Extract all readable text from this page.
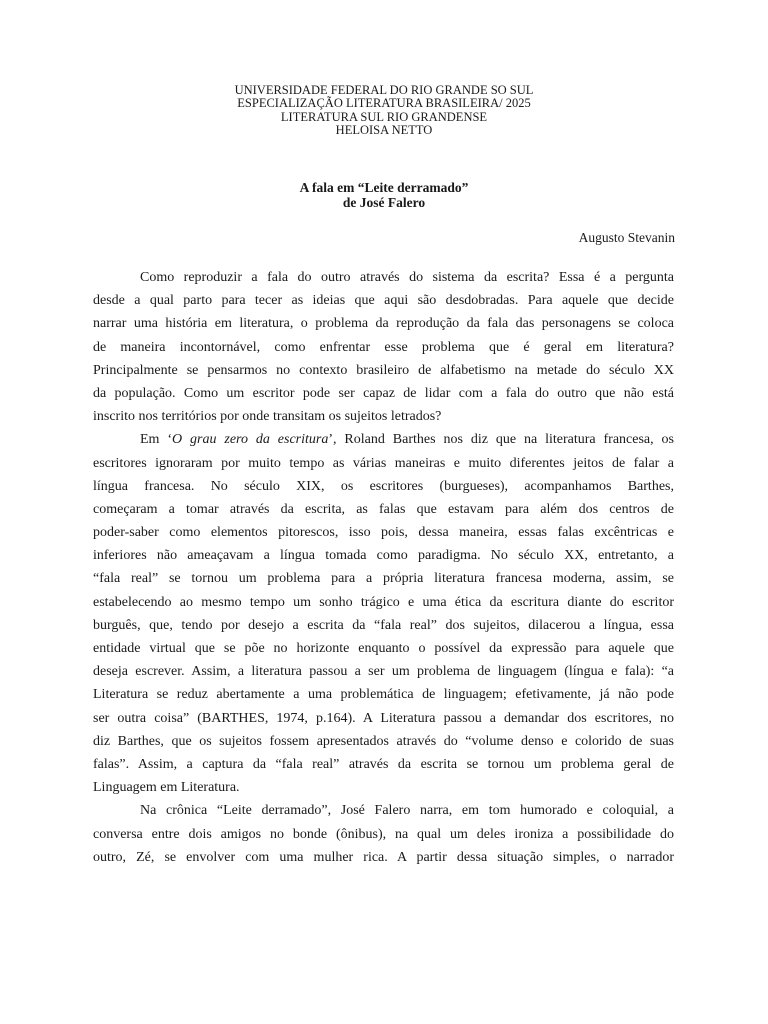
UNIVERSIDADE FEDERAL DO RIO GRANDE SO SUL
ESPECIALIZAÇÃO LITERATURA BRASILEIRA/ 2025
LITERATURA SUL RIO GRANDENSE
HELOISA NETTO
A fala em “Leite derramado”
de José Falero
Augusto Stevanin
Como reproduzir a fala do outro através do sistema da escrita? Essa é a pergunta
desde a qual parto para tecer as ideias que aqui são desdobradas. Para aquele que decide
narrar uma história em literatura, o problema da reprodução da fala das personagens se coloca
de maneira incontornável, como enfrentar esse problema que é geral em literatura?
Principalmente se pensarmos no contexto brasileiro de alfabetismo na metade do século XX
da população. Como um escritor pode ser capaz de lidar com a fala do outro que não está
inscrito nos territórios por onde transitam os sujeitos letrados?
Em ‘O grau zero da escritura’, Roland Barthes nos diz que na literatura francesa, os
escritores ignoraram por muito tempo as várias maneiras e muito diferentes jeitos de falar a
língua francesa. No século XIX, os escritores (burgueses), acompanhamos Barthes,
começaram a tomar através da escrita, as falas que estavam para além dos centros de
poder-saber como elementos pitorescos, isso pois, dessa maneira, essas falas excêntricas e
inferiores não ameaçavam a língua tomada como paradigma. No século XX, entretanto, a
“fala real” se tornou um problema para a própria literatura francesa moderna, assim, se
estabelecendo ao mesmo tempo um sonho trágico e uma ética da escritura diante do escritor
burguês, que, tendo por desejo a escrita da “fala real” dos sujeitos, dilacerou a língua, essa
entidade virtual que se põe no horizonte enquanto o possível da expressão para aquele que
deseja escrever. Assim, a literatura passou a ser um problema de linguagem (língua e fala): “a
Literatura se reduz abertamente a uma problemática de linguagem; efetivamente, já não pode
ser outra coisa” (BARTHES, 1974, p.164). A Literatura passou a demandar dos escritores, no
diz Barthes, que os sujeitos fossem apresentados através do “volume denso e colorido de suas
falas”. Assim, a captura da “fala real” através da escrita se tornou um problema geral de
Linguagem em Literatura.
Na crônica “Leite derramado”, José Falero narra, em tom humorado e coloquial, a
conversa entre dois amigos no bonde (ônibus), na qual um deles ironiza a possibilidade do
outro, Zé, se envolver com uma mulher rica. A partir dessa situação simples, o narrador
